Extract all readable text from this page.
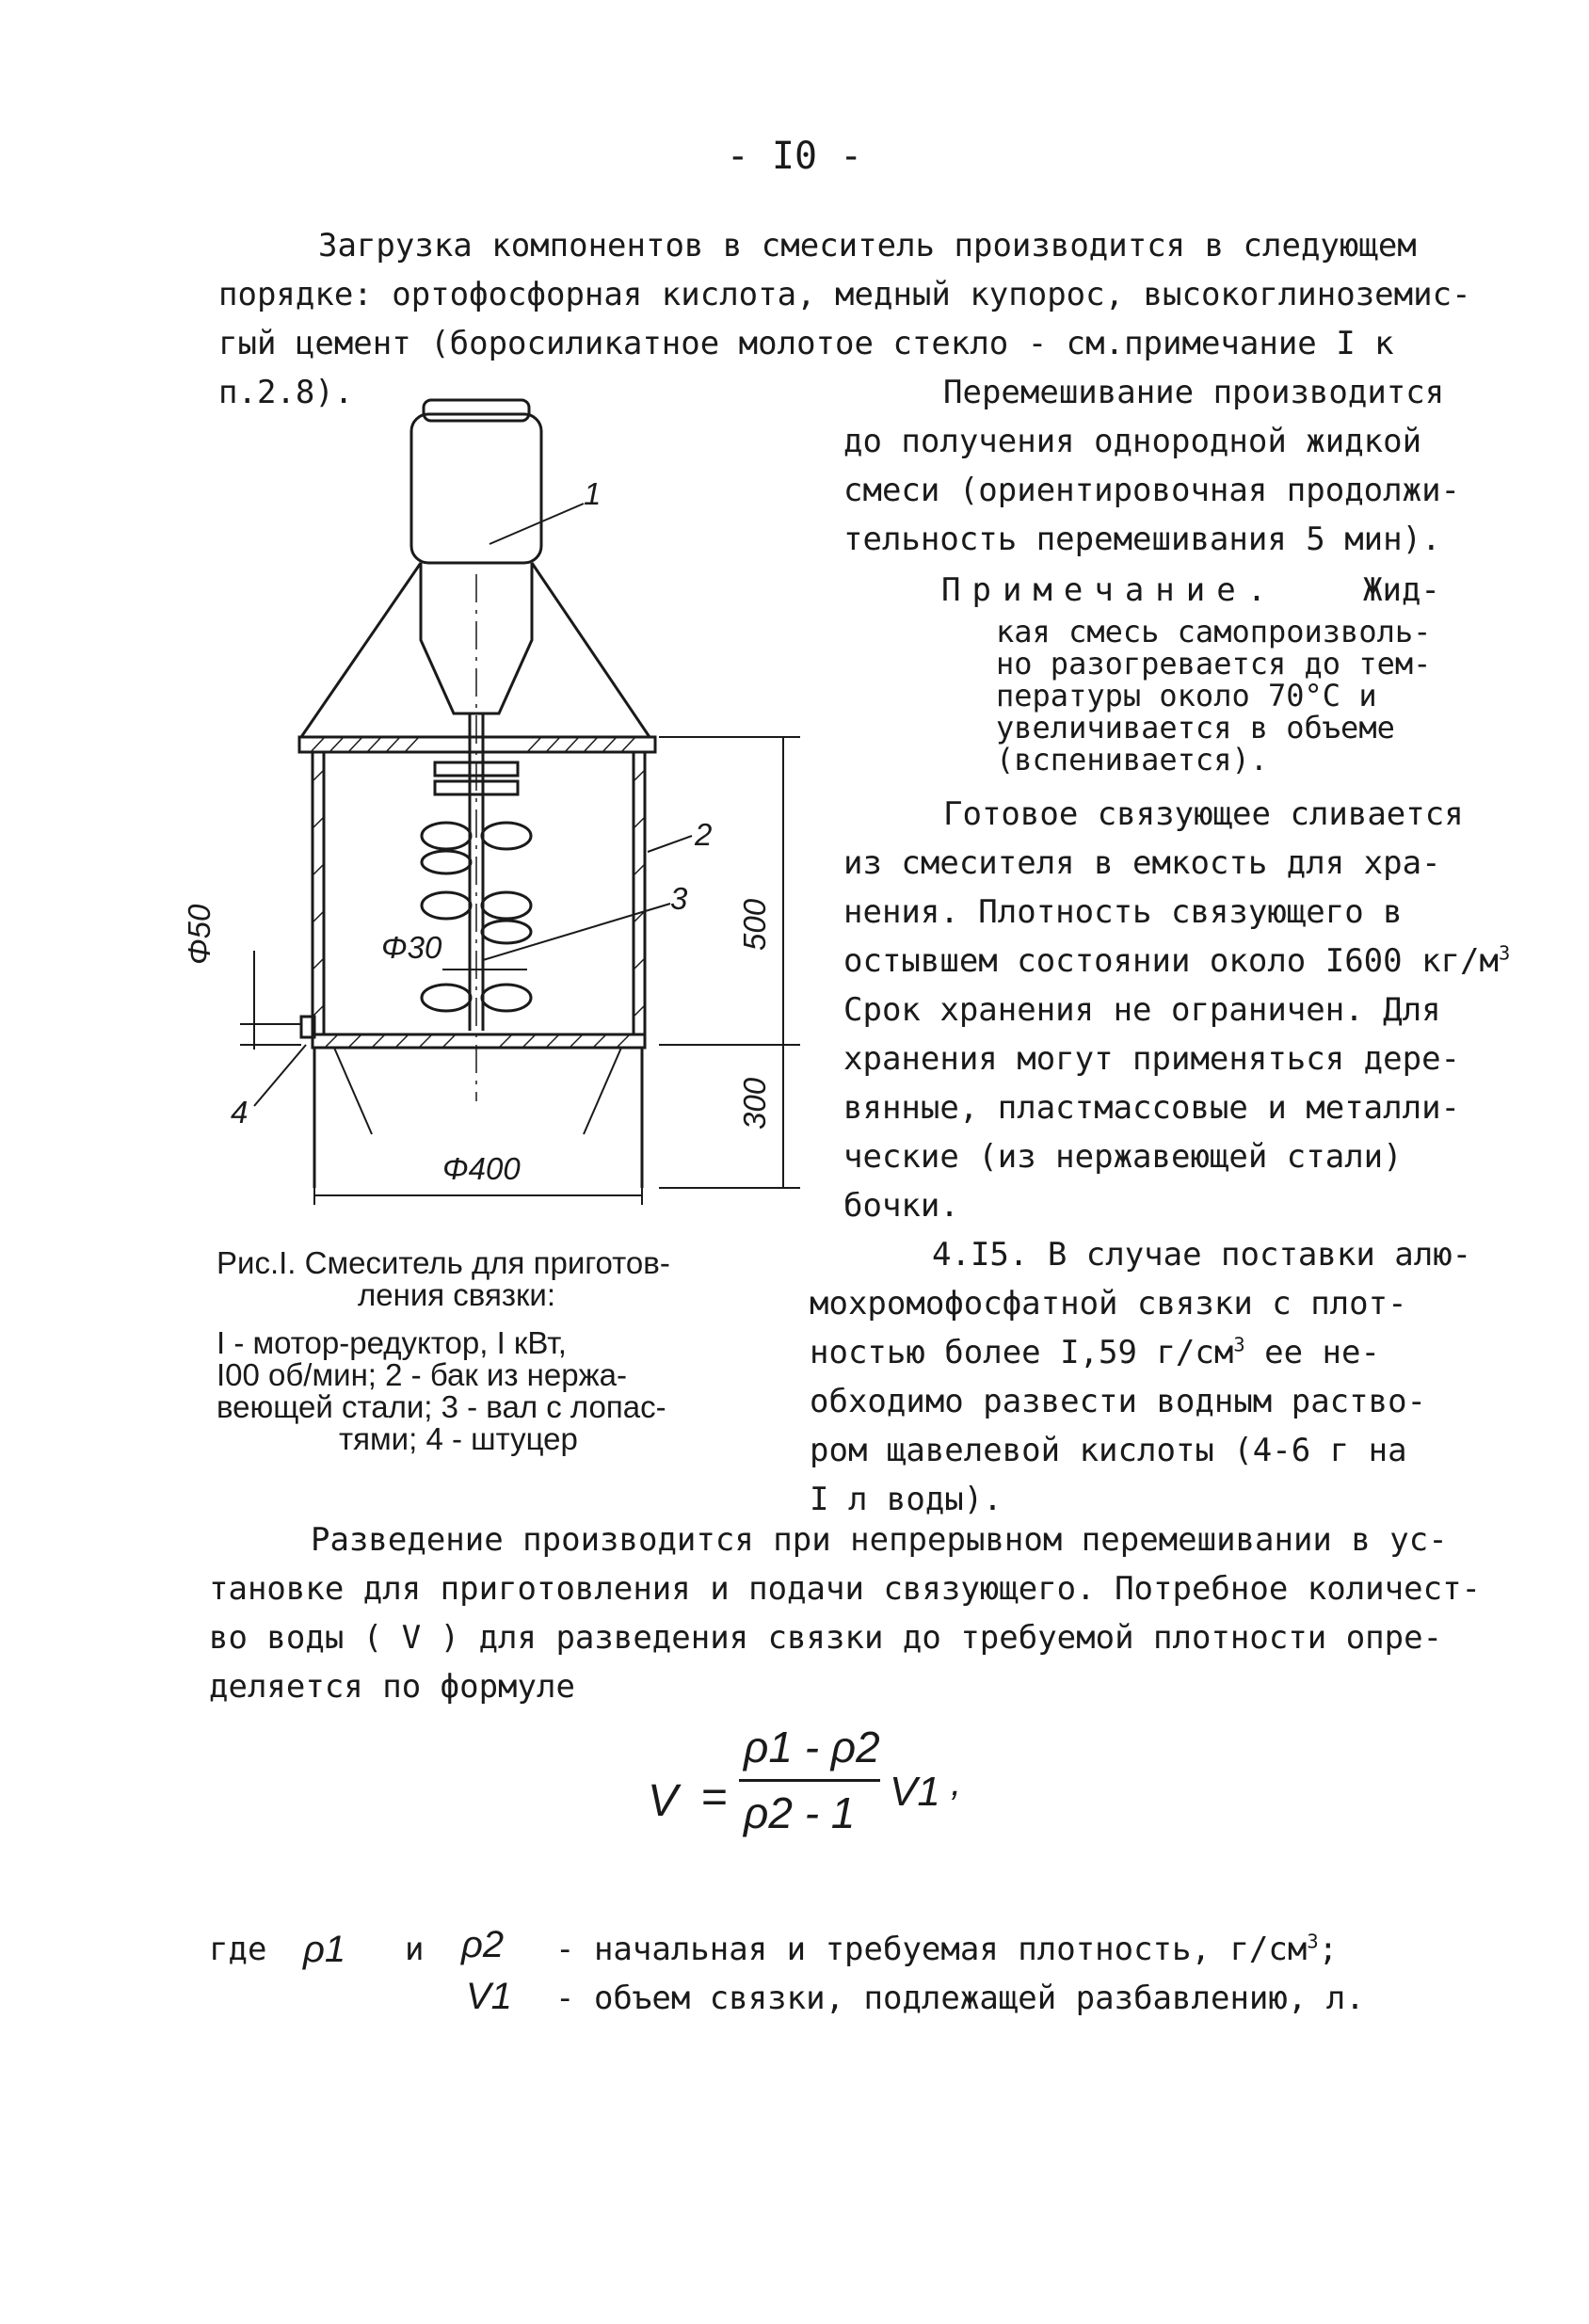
- I0 -
Загрузка компонентов в смеситель производится в следующем
порядке: ортофосфорная кислота, медный купорос, высокоглиноземис-
гый цемент (боросиликатное молотое стекло - см.примечание I к
п.2.8).	Перемешивание производится
до получения однородной жидкой
смеси (ориентировочная продолжи-
тельность перемешивания 5 мин).
Примечание.	Жид-
кая смесь самопроизволь-
но разогревается до тем-
пературы около 70°С и
увеличивается в объеме
(вспенивается).
Готовое связующее сливается
из смесителя в емкость для хра-
нения. Плотность связующего в
остывшем состоянии около I600 $кг/м^3$
Срок хранения не ограничен. Для
хранения могут применяться дере-
вянные, пластмассовые и металли-
ческие (из нержавеющей стали)
бочки.
4.I5. В случае поставки алю-
мохромофосфатной связки с плот-
ностью более I,59 $г/см^3$ ее не-
обходимо развести водным раство-
ром щавелевой кислоты (4-6 г на
I л воды).
1
2
3
4
Φ30
Φ400
Φ50	500
300
Рис.I. Смеситель для приготов-
ления связки:
I - мотор-редуктор, I кВт,
I00 об/мин; 2 - бак из нержа-
веющей стали; 3 - вал с лопас-
тями; 4 - штуцер
Разведение производится при непрерывном перемешивании в ус-
тановке для приготовления и подачи связующего. Потребное количест-
во воды ( V ) для разведения связки до требуемой плотности опре-
деляется по формуле
V =
ρ1 - ρ2
ρ2 - 1 V1 ,
где ρ1 и ρ2
V1
- начальная и требуемая плотность, $г/см^3$;
- объем связки, подлежащей разбавлению, л.
